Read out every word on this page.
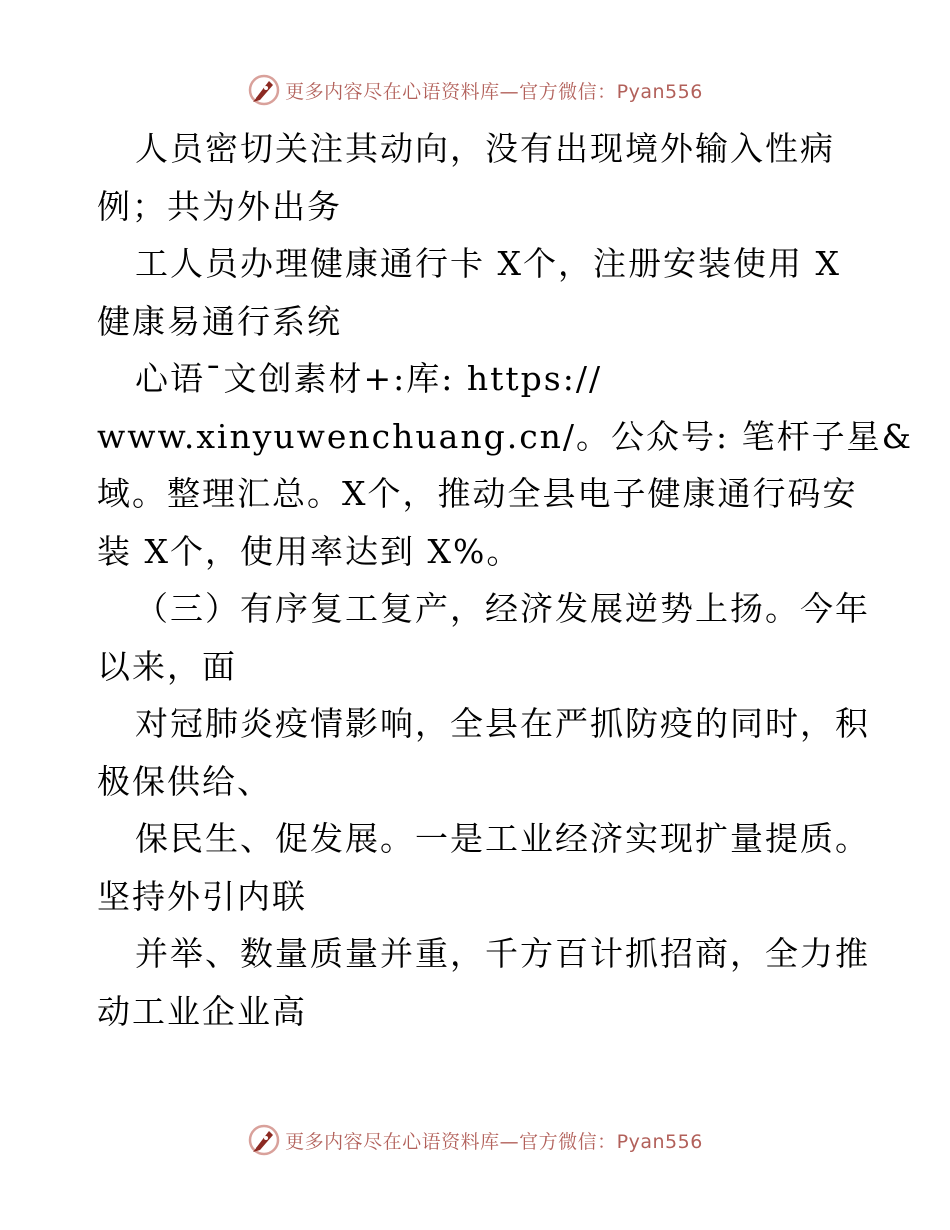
更多内容尽在心语资料库—官方微信：Pyan556

人员密切关注其动向，没有出现境外输入性病

例；共为外出务

工人员办理健康通行卡 X个，注册安装使用 X

健康易通行系统

心语¯文创素材+:库: https://

www.xinyuwenchuang.cn/。公众号: 笔杆子星&

域。整理汇总。X个，推动全县电子健康通行码安

装 X个，使用率达到 X%。

（三）有序复工复产，经济发展逆势上扬。今年

以来，面

对冠肺炎疫情影响，全县在严抓防疫的同时，积

极保供给、

保民生、促发展。一是工业经济实现扩量提质。

坚持外引内联

并举、数量质量并重，千方百计抓招商，全力推

动工业企业高

更多内容尽在心语资料库—官方微信：Pyan556
